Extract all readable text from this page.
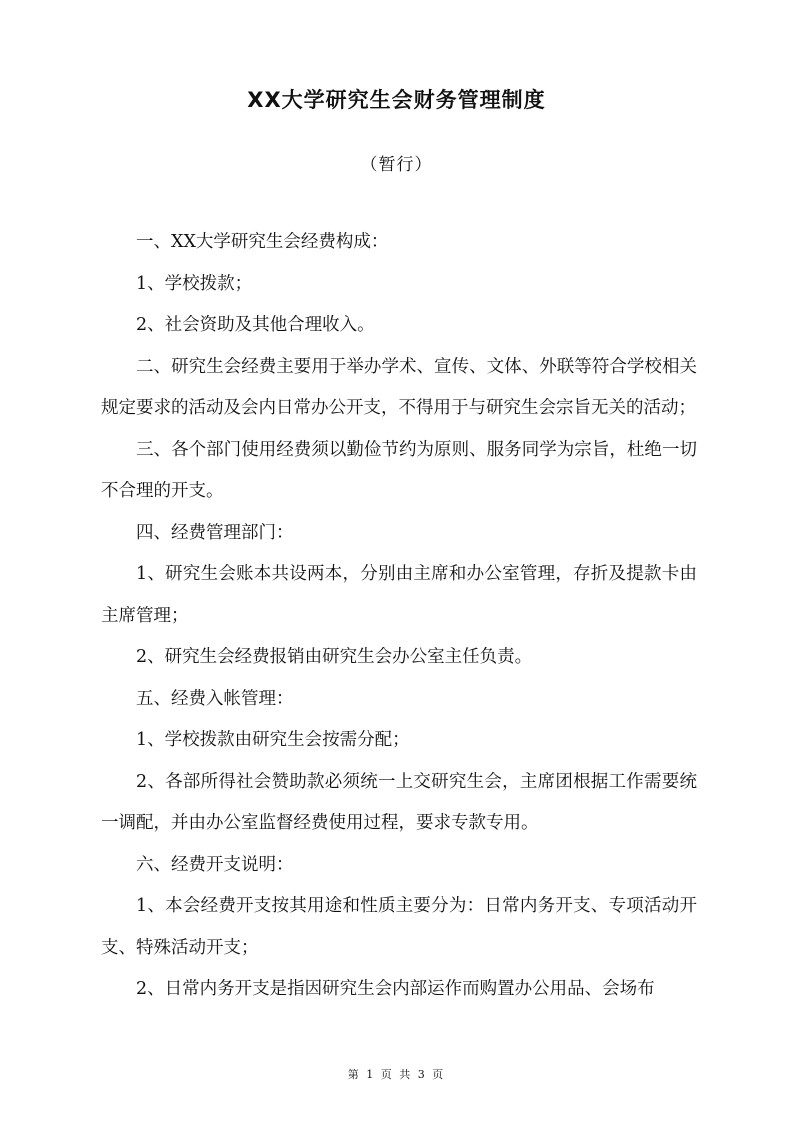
XX大学研究生会财务管理制度
（暂行）

一、XX大学研究生会经费构成：

1、学校拨款；

2、社会资助及其他合理收入。

二、研究生会经费主要用于举办学术、宣传、文体、外联等符合学校相关规定要求的活动及会内日常办公开支，不得用于与研究生会宗旨无关的活动；

三、各个部门使用经费须以勤俭节约为原则、服务同学为宗旨，杜绝一切不合理的开支。

四、经费管理部门：

1、研究生会账本共设两本，分别由主席和办公室管理，存折及提款卡由主席管理；

2、研究生会经费报销由研究生会办公室主任负责。

五、经费入帐管理：

1、学校拨款由研究生会按需分配；

2、各部所得社会赞助款必须统一上交研究生会，主席团根据工作需要统一调配，并由办公室监督经费使用过程，要求专款专用。

六、经费开支说明：

1、本会经费开支按其用途和性质主要分为：日常内务开支、专项活动开支、特殊活动开支；

2、日常内务开支是指因研究生会内部运作而购置办公用品、会场布

第 1 页 共 3 页
